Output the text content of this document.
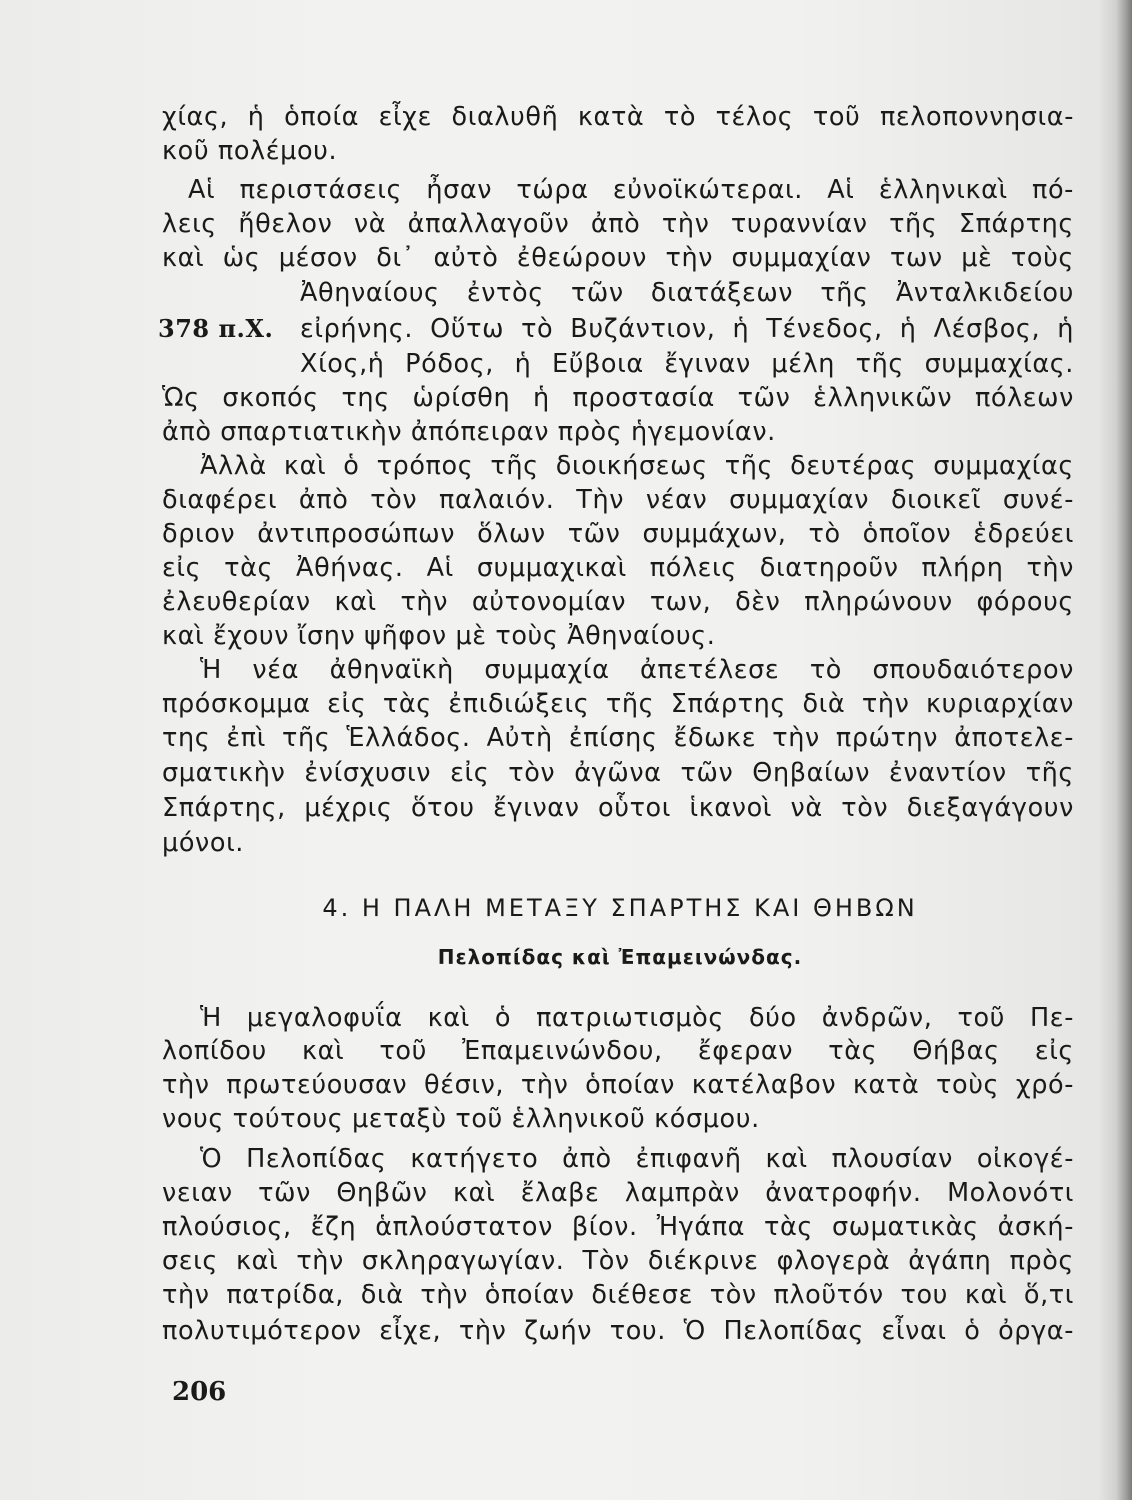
χίας, ἡ ὁποία εἶχε διαλυθῆ κατὰ τὸ τέλος τοῦ πελοποννησια-
κοῦ πολέμου.
Αἱ περιστάσεις ἦσαν τώρα εὐνοϊκώτεραι. Αἱ ἑλληνικαὶ πό-
λεις ἤθελον νὰ ἀπαλλαγοῦν ἀπὸ τὴν τυραννίαν τῆς Σπάρτης
καὶ ὡς μέσον δι᾿ αὐτὸ ἐθεώρουν τὴν συμμαχίαν των μὲ τοὺς
Ἀθηναίους ἐντὸς τῶν διατάξεων τῆς Ἀνταλκιδείου
378 π.Χ. εἰρήνης. Οὕτω τὸ Βυζάντιον, ἡ Τένεδος, ἡ Λέσβος, ἡ
Χίος,ἡ Ρόδος, ἡ Εὔβοια ἔγιναν μέλη τῆς συμμαχίας.
Ὡς σκοπός της ὡρίσθη ἡ προστασία τῶν ἑλληνικῶν πόλεων
ἀπὸ σπαρτιατικὴν ἀπόπειραν πρὸς ἡγεμονίαν.
Ἀλλὰ καὶ ὁ τρόπος τῆς διοικήσεως τῆς δευτέρας συμμαχίας
διαφέρει ἀπὸ τὸν παλαιόν. Τὴν νέαν συμμαχίαν διοικεῖ συνέ-
δριον ἀντιπροσώπων ὅλων τῶν συμμάχων, τὸ ὁποῖον ἑδρεύει
εἰς τὰς Ἀθήνας. Αἱ συμμαχικαὶ πόλεις διατηροῦν πλήρη τὴν
ἐλευθερίαν καὶ τὴν αὐτονομίαν των, δὲν πληρώνουν φόρους
καὶ ἔχουν ἴσην ψῆφον μὲ τοὺς Ἀθηναίους.
Ἡ νέα ἀθηναϊκὴ συμμαχία ἀπετέλεσε τὸ σπουδαιότερον
πρόσκομμα εἰς τὰς ἐπιδιώξεις τῆς Σπάρτης διὰ τὴν κυριαρχίαν
της ἐπὶ τῆς Ἑλλάδος. Αὐτὴ ἐπίσης ἔδωκε τὴν πρώτην ἀποτελε-
σματικὴν ἐνίσχυσιν εἰς τὸν ἀγῶνα τῶν Θηβαίων ἐναντίον τῆς
Σπάρτης, μέχρις ὅτου ἔγιναν οὗτοι ἱκανοὶ νὰ τὸν διεξαγάγουν
μόνοι.
4. Η ΠΑΛΗ ΜΕΤΑΞΥ ΣΠΑΡΤΗΣ ΚΑΙ ΘΗΒΩΝ
Πελοπίδας καὶ Ἐπαμεινώνδας.
Ἡ μεγαλοφυΐα καὶ ὁ πατριωτισμὸς δύο ἀνδρῶν, τοῦ Πε-
λοπίδου καὶ τοῦ Ἐπαμεινώνδου, ἔφεραν τὰς Θήβας εἰς
τὴν πρωτεύουσαν θέσιν, τὴν ὁποίαν κατέλαβον κατὰ τοὺς χρό-
νους τούτους μεταξὺ τοῦ ἑλληνικοῦ κόσμου.
Ὁ Πελοπίδας κατήγετο ἀπὸ ἐπιφανῆ καὶ πλουσίαν οἰκογέ-
νειαν τῶν Θηβῶν καὶ ἔλαβε λαμπρὰν ἀνατροφήν. Μολονότι
πλούσιος, ἔζη ἁπλούστατον βίον. Ἠγάπα τὰς σωματικὰς ἀσκή-
σεις καὶ τὴν σκληραγωγίαν. Τὸν διέκρινε φλογερὰ ἀγάπη πρὸς
τὴν πατρίδα, διὰ τὴν ὁποίαν διέθεσε τὸν πλοῦτόν του καὶ ὅ,τι
πολυτιμότερον εἶχε, τὴν ζωήν του. Ὁ Πελοπίδας εἶναι ὁ ὀργα-
206
